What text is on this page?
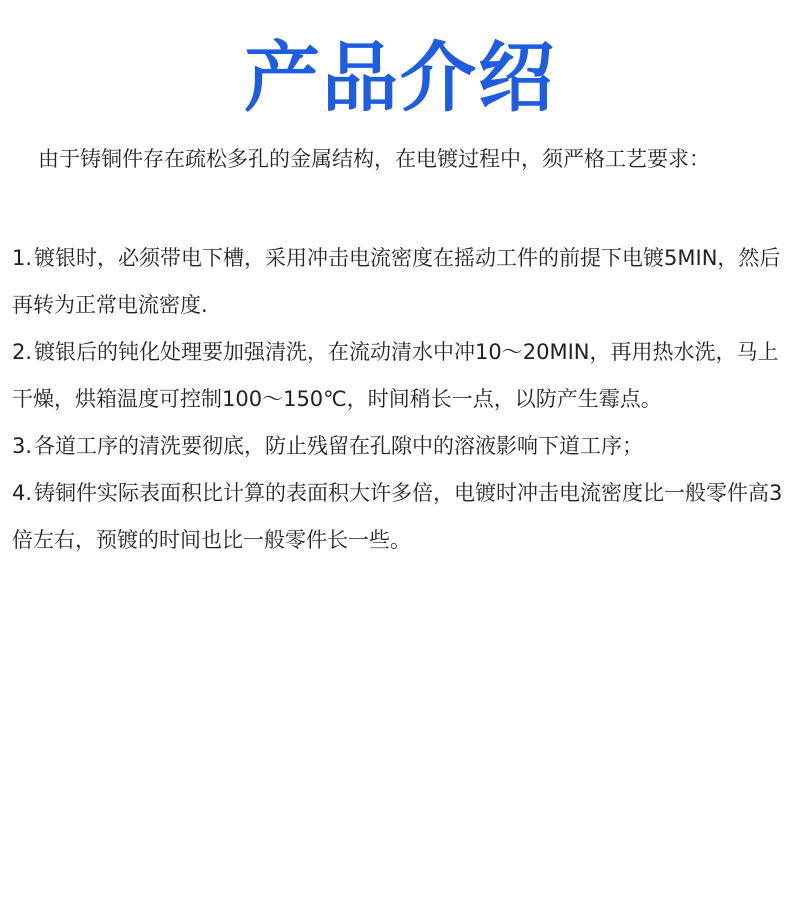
产品介绍
由于铸铜件存在疏松多孔的金属结构，在电镀过程中，须严格工艺要求：

1.镀银时，必须带电下槽，采用冲击电流密度在摇动工件的前提下电镀5MIN，然后再转为正常电流密度.

2.镀银后的钝化处理要加强清洗，在流动清水中冲10～20MIN，再用热水洗，马上干燥，烘箱温度可控制100～150℃，时间稍长一点，以防产生霉点。

3.各道工序的清洗要彻底，防止残留在孔隙中的溶液影响下道工序；

4.铸铜件实际表面积比计算的表面积大许多倍，电镀时冲击电流密度比一般零件高3倍左右，预镀的时间也比一般零件长一些。
